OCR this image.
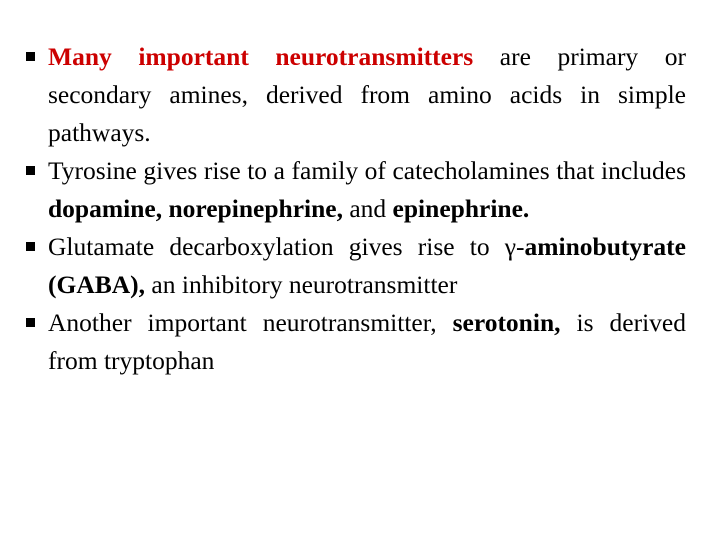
Many important neurotransmitters are primary or secondary amines, derived from amino acids in simple pathways.
Tyrosine gives rise to a family of catecholamines that includes dopamine, norepinephrine, and epinephrine.
Glutamate decarboxylation gives rise to γ-aminobutyrate (GABA), an inhibitory neurotransmitter
Another important neurotransmitter, serotonin, is derived from tryptophan
